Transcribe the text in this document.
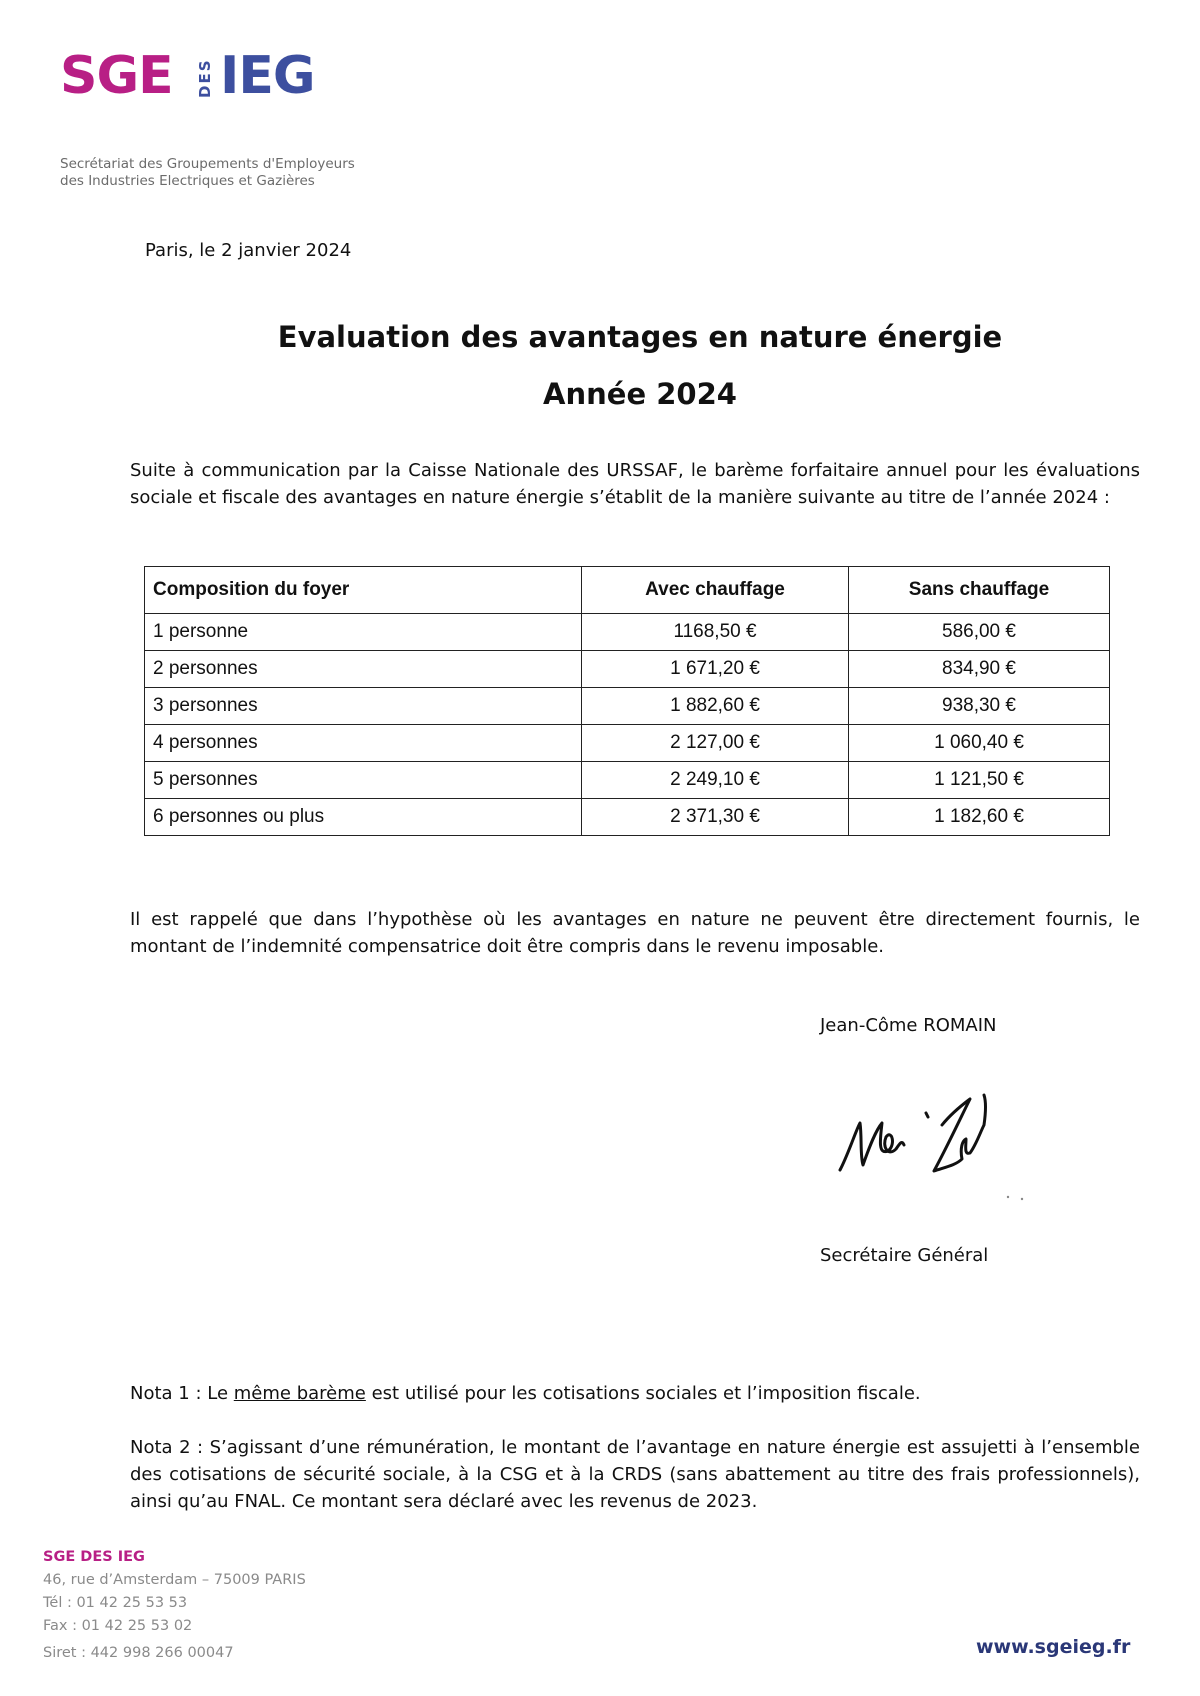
SGE DES IEG
Secrétariat des Groupements d'Employeurs
des Industries Electriques et Gazières
Paris, le 2 janvier 2024
Evaluation des avantages en nature énergie
Année 2024
Suite à communication par la Caisse Nationale des URSSAF, le barème forfaitaire annuel pour les évaluations sociale et fiscale des avantages en nature énergie s’établit de la manière suivante au titre de l’année 2024 :
Composition du foyer	Avec chauffage	Sans chauffage
1 personne	1168,50 €	586,00 €
2 personnes	1 671,20 €	834,90 €
3 personnes	1 882,60 €	938,30 €
4 personnes	2 127,00 €	1 060,40 €
5 personnes	2 249,10 €	1 121,50 €
6 personnes ou plus	2 371,30 €	1 182,60 €
Il est rappelé que dans l’hypothèse où les avantages en nature ne peuvent être directement fournis, le montant de l’indemnité compensatrice doit être compris dans le revenu imposable.
Jean-Côme ROMAIN
Secrétaire Général
Nota 1 : Le même barème est utilisé pour les cotisations sociales et l’imposition fiscale.
Nota 2 : S’agissant d’une rémunération, le montant de l’avantage en nature énergie est assujetti à l’ensemble des cotisations de sécurité sociale, à la CSG et à la CRDS (sans abattement au titre des frais professionnels), ainsi qu’au FNAL. Ce montant sera déclaré avec les revenus de 2023.
SGE DES IEG
46, rue d’Amsterdam – 75009 PARIS
Tél : 01 42 25 53 53
Fax : 01 42 25 53 02
Siret : 442 998 266 00047	www.sgeieg.fr
